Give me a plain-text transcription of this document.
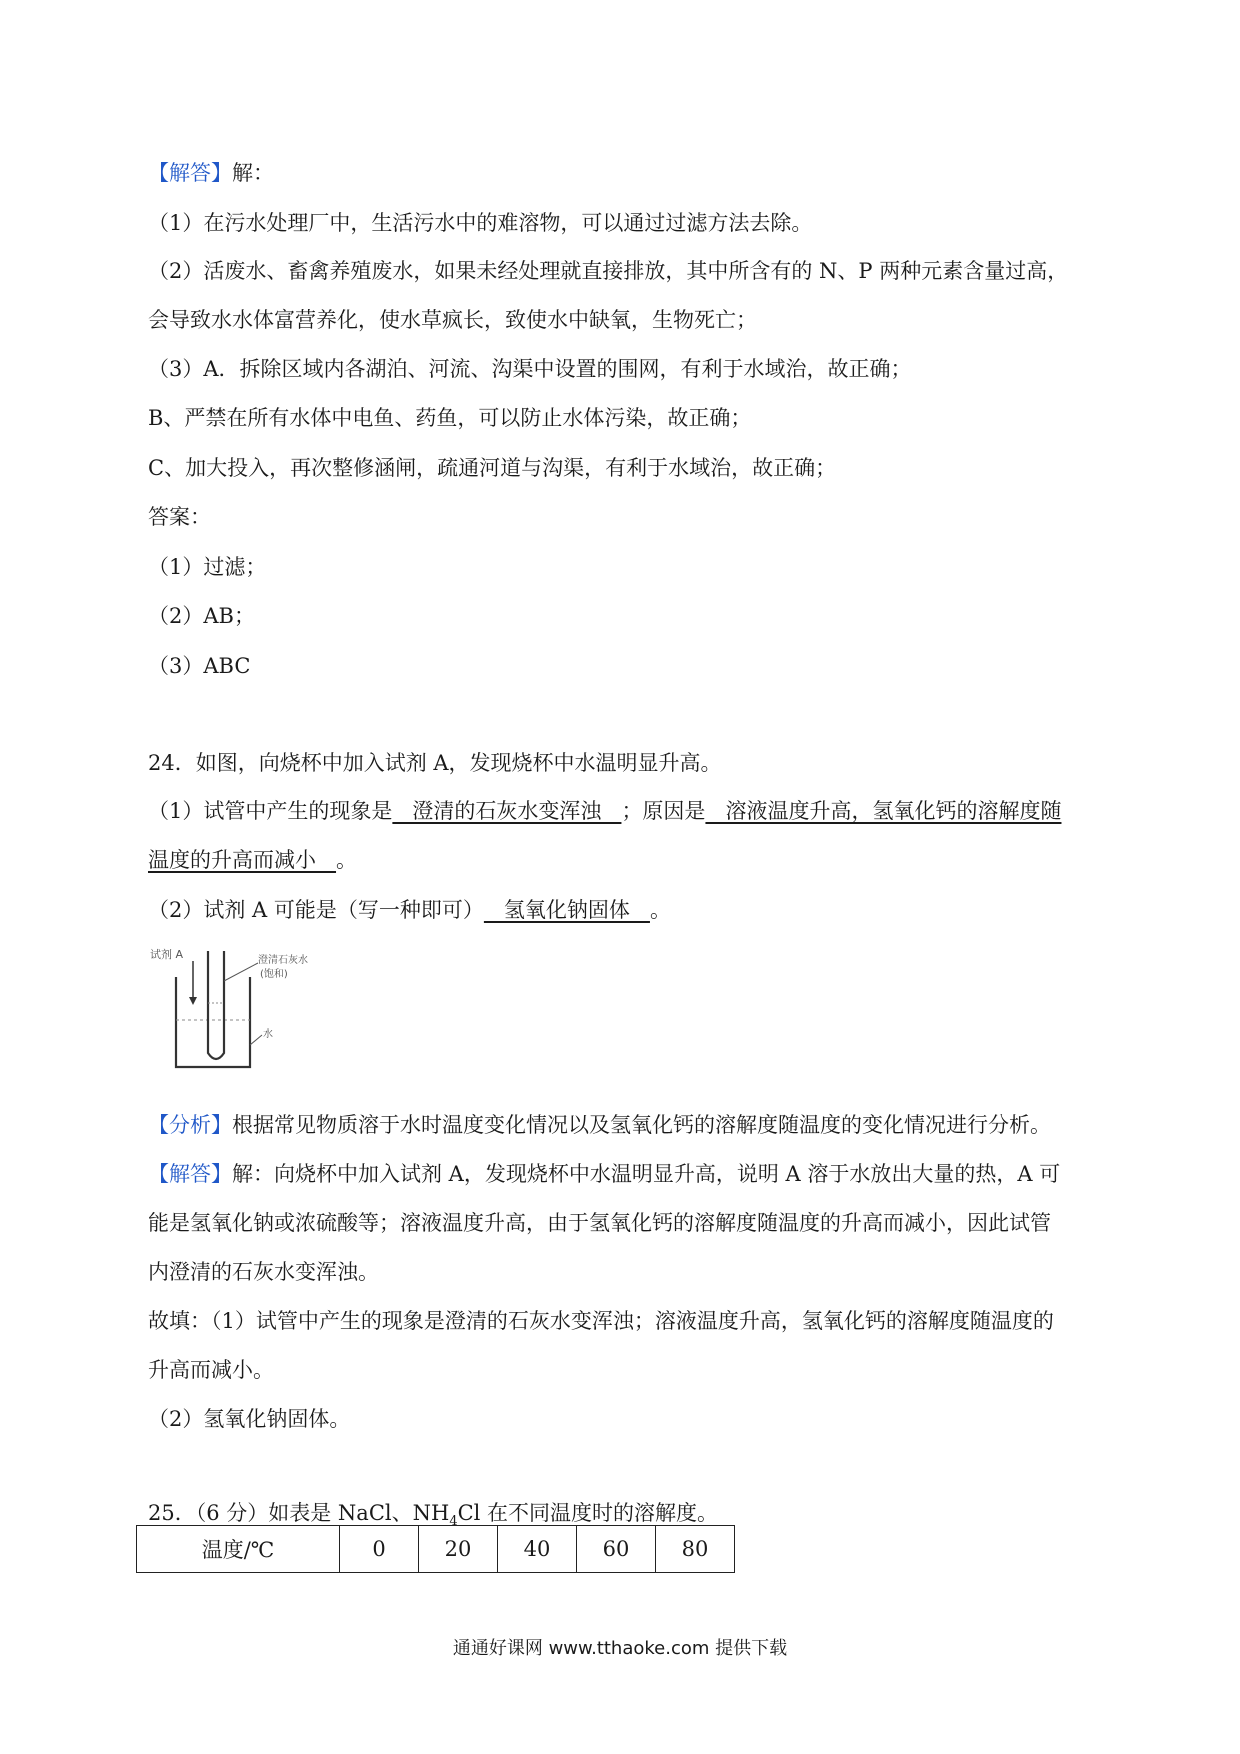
【解答】解：
（1）在污水处理厂中，生活污水中的难溶物，可以通过过滤方法去除。
（2）活废水、畜禽养殖废水，如果未经处理就直接排放，其中所含有的 N、P 两种元素含量过高，
会导致水水体富营养化，使水草疯长，致使水中缺氧，生物死亡；
（3）A．拆除区域内各湖泊、河流、沟渠中设置的围网，有利于水域治，故正确；
B、严禁在所有水体中电鱼、药鱼，可以防止水体污染，故正确；
C、加大投入，再次整修涵闸，疏通河道与沟渠，有利于水域治，故正确；
答案：
（1）过滤；
（2）AB；
（3）ABC
24．如图，向烧杯中加入试剂 A，发现烧杯中水温明显升高。
（1）试管中产生的现象是   澄清的石灰水变浑浊   ；原因是   溶液温度升高，氢氧化钙的溶解度随
温度的升高而减小   。
（2）试剂 A 可能是（写一种即可）   氢氧化钠固体   。
试剂 A	澄清石灰水
(饱和)
水
【分析】根据常见物质溶于水时温度变化情况以及氢氧化钙的溶解度随温度的变化情况进行分析。
【解答】解：向烧杯中加入试剂 A，发现烧杯中水温明显升高，说明 A 溶于水放出大量的热，A 可
能是氢氧化钠或浓硫酸等；溶液温度升高，由于氢氧化钙的溶解度随温度的升高而减小，因此试管
内澄清的石灰水变浑浊。
故填：（1）试管中产生的现象是澄清的石灰水变浑浊；溶液温度升高，氢氧化钙的溶解度随温度的
升高而减小。
（2）氢氧化钠固体。
25．（6 分）如表是 NaCl、$NH_4Cl$ 在不同温度时的溶解度。
温度/℃	0	20	40	60	80
通通好课网 www.tthaoke.com 提供下载
